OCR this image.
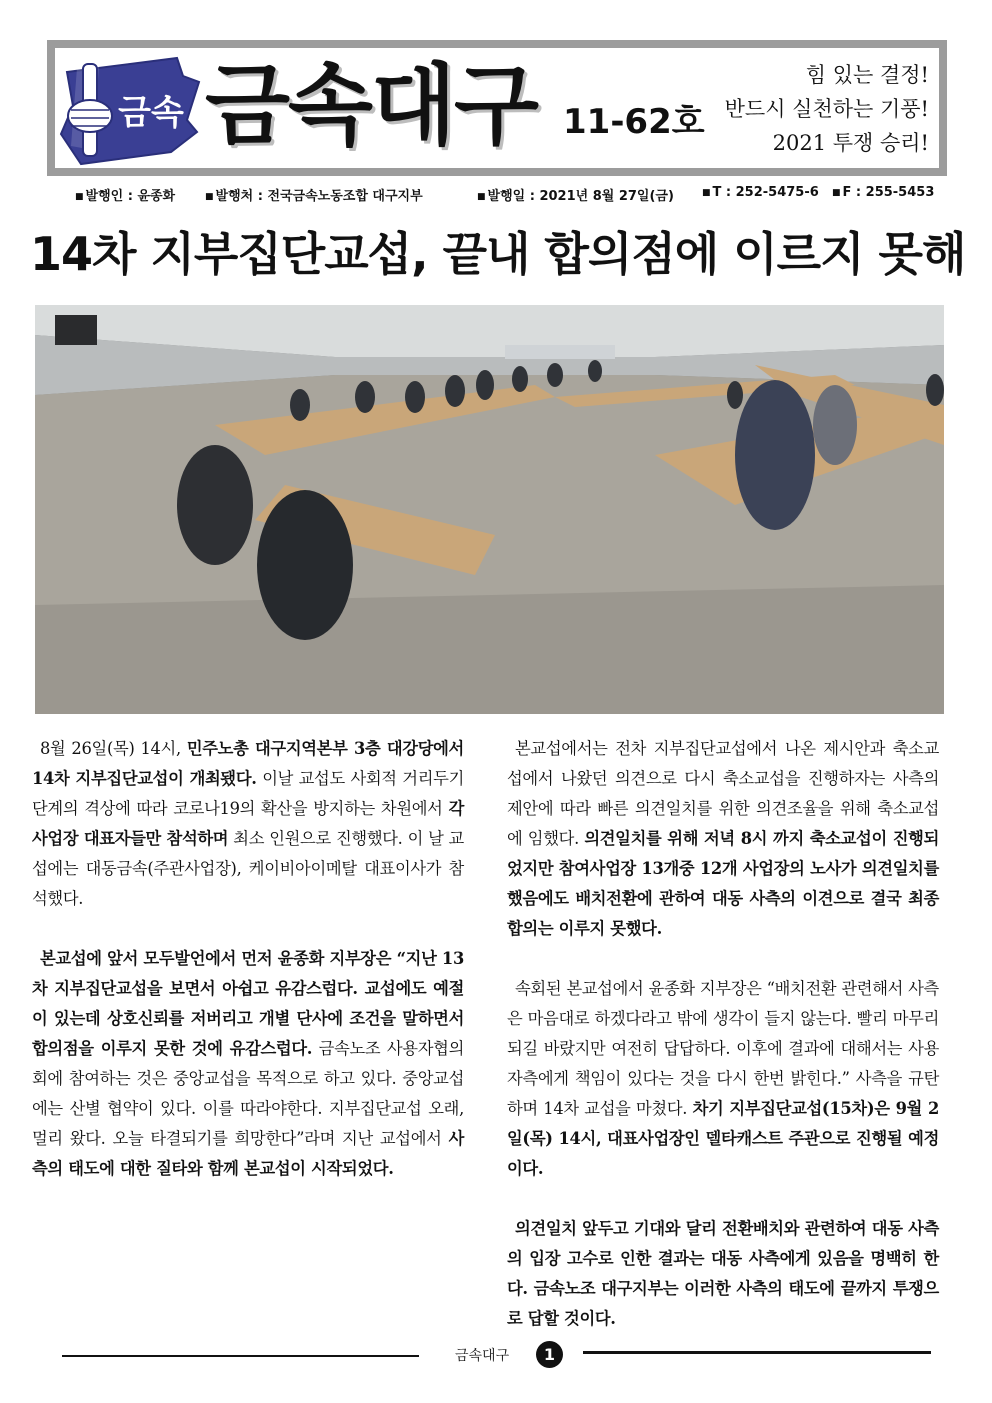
금속 금속대구 11-62호
힘 있는 결정!
반드시 실천하는 기풍!
2021 투쟁 승리!
■ 발행인 : 윤종화	■ 발행처 : 전국금속노동조합 대구지부	■ 발행일 : 2021년 8월 27일(금)	■ T : 252-5475-6	■ F : 255-5453
14차 지부집단교섭, 끝내 합의점에 이르지 못해

8월 26일(목) 14시, 민주노총 대구지역본부 3층 대강당에서 14차 지부집단교섭이 개최됐다. 이날 교섭도 사회적 거리두기 단계의 격상에 따라 코로나19의 확산을 방지하는 차원에서 각 사업장 대표자들만 참석하며 최소 인원으로 진행했다. 이 날 교섭에는 대동금속(주관사업장), 케이비아이메탈 대표이사가 참석했다.

본교섭에 앞서 모두발언에서 먼저 윤종화 지부장은 “지난 13차 지부집단교섭을 보면서 아쉽고 유감스럽다. 교섭에도 예절이 있는데 상호신뢰를 저버리고 개별 단사에 조건을 말하면서 합의점을 이루지 못한 것에 유감스럽다. 금속노조 사용자협의회에 참여하는 것은 중앙교섭을 목적으로 하고 있다. 중앙교섭에는 산별 협약이 있다. 이를 따라야한다. 지부집단교섭 오래, 멀리 왔다. 오늘 타결되기를 희망한다”라며 지난 교섭에서 사측의 태도에 대한 질타와 함께 본교섭이 시작되었다.

본교섭에서는 전차 지부집단교섭에서 나온 제시안과 축소교섭에서 나왔던 의견으로 다시 축소교섭을 진행하자는 사측의 제안에 따라 빠른 의견일치를 위한 의견조율을 위해 축소교섭에 임했다. 의견일치를 위해 저녁 8시 까지 축소교섭이 진행되었지만 참여사업장 13개중 12개 사업장의 노사가 의견일치를 했음에도 배치전환에 관하여 대동 사측의 이견으로 결국 최종 합의는 이루지 못했다.

속회된 본교섭에서 윤종화 지부장은 “배치전환 관련해서 사측은 마음대로 하겠다라고 밖에 생각이 들지 않는다. 빨리 마무리되길 바랐지만 여전히 답답하다. 이후에 결과에 대해서는 사용자측에게 책임이 있다는 것을 다시 한번 밝힌다.” 사측을 규탄하며 14차 교섭을 마쳤다. 차기 지부집단교섭(15차)은 9월 2일(목) 14시, 대표사업장인 델타캐스트 주관으로 진행될 예정이다.

의견일치 앞두고 기대와 달리 전환배치와 관련하여 대동 사측의 입장 고수로 인한 결과는 대동 사측에게 있음을 명백히 한다. 금속노조 대구지부는 이러한 사측의 태도에 끝까지 투쟁으로 답할 것이다.

금속대구	1
